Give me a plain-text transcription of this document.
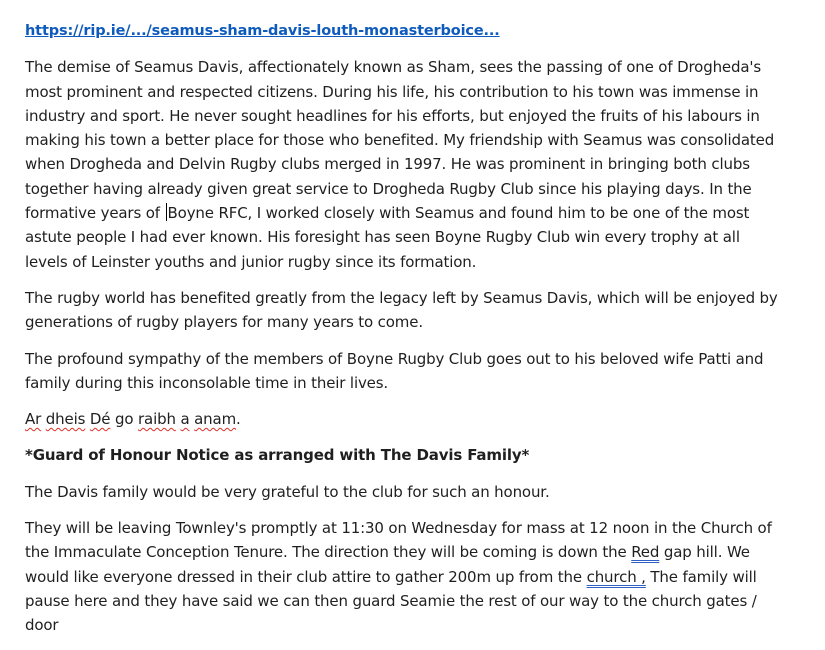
https://rip.ie/.../seamus-sham-davis-louth-monasterboice...

The demise of Seamus Davis, affectionately known as Sham, sees the passing of one of Drogheda's most prominent and respected citizens. During his life, his contribution to his town was immense in industry and sport. He never sought headlines for his efforts, but enjoyed the fruits of his labours in making his town a better place for those who benefited. My friendship with Seamus was consolidated when Drogheda and Delvin Rugby clubs merged in 1997. He was prominent in bringing both clubs together having already given great service to Drogheda Rugby Club since his playing days. In the formative years of Boyne RFC, I worked closely with Seamus and found him to be one of the most astute people I had ever known. His foresight has seen Boyne Rugby Club win every trophy at all levels of Leinster youths and junior rugby since its formation.

The rugby world has benefited greatly from the legacy left by Seamus Davis, which will be enjoyed by generations of rugby players for many years to come.

The profound sympathy of the members of Boyne Rugby Club goes out to his beloved wife Patti and family during this inconsolable time in their lives.

Ar dheis Dé go raibh a anam.

*Guard of Honour Notice as arranged with The Davis Family*

The Davis family would be very grateful to the club for such an honour.

They will be leaving Townley's promptly at 11:30 on Wednesday for mass at 12 noon in the Church of the Immaculate Conception Tenure. The direction they will be coming is down the Red gap hill. We would like everyone dressed in their club attire to gather 200m up from the church , The family will pause here and they have said we can then guard Seamie the rest of our way to the church gates / door
